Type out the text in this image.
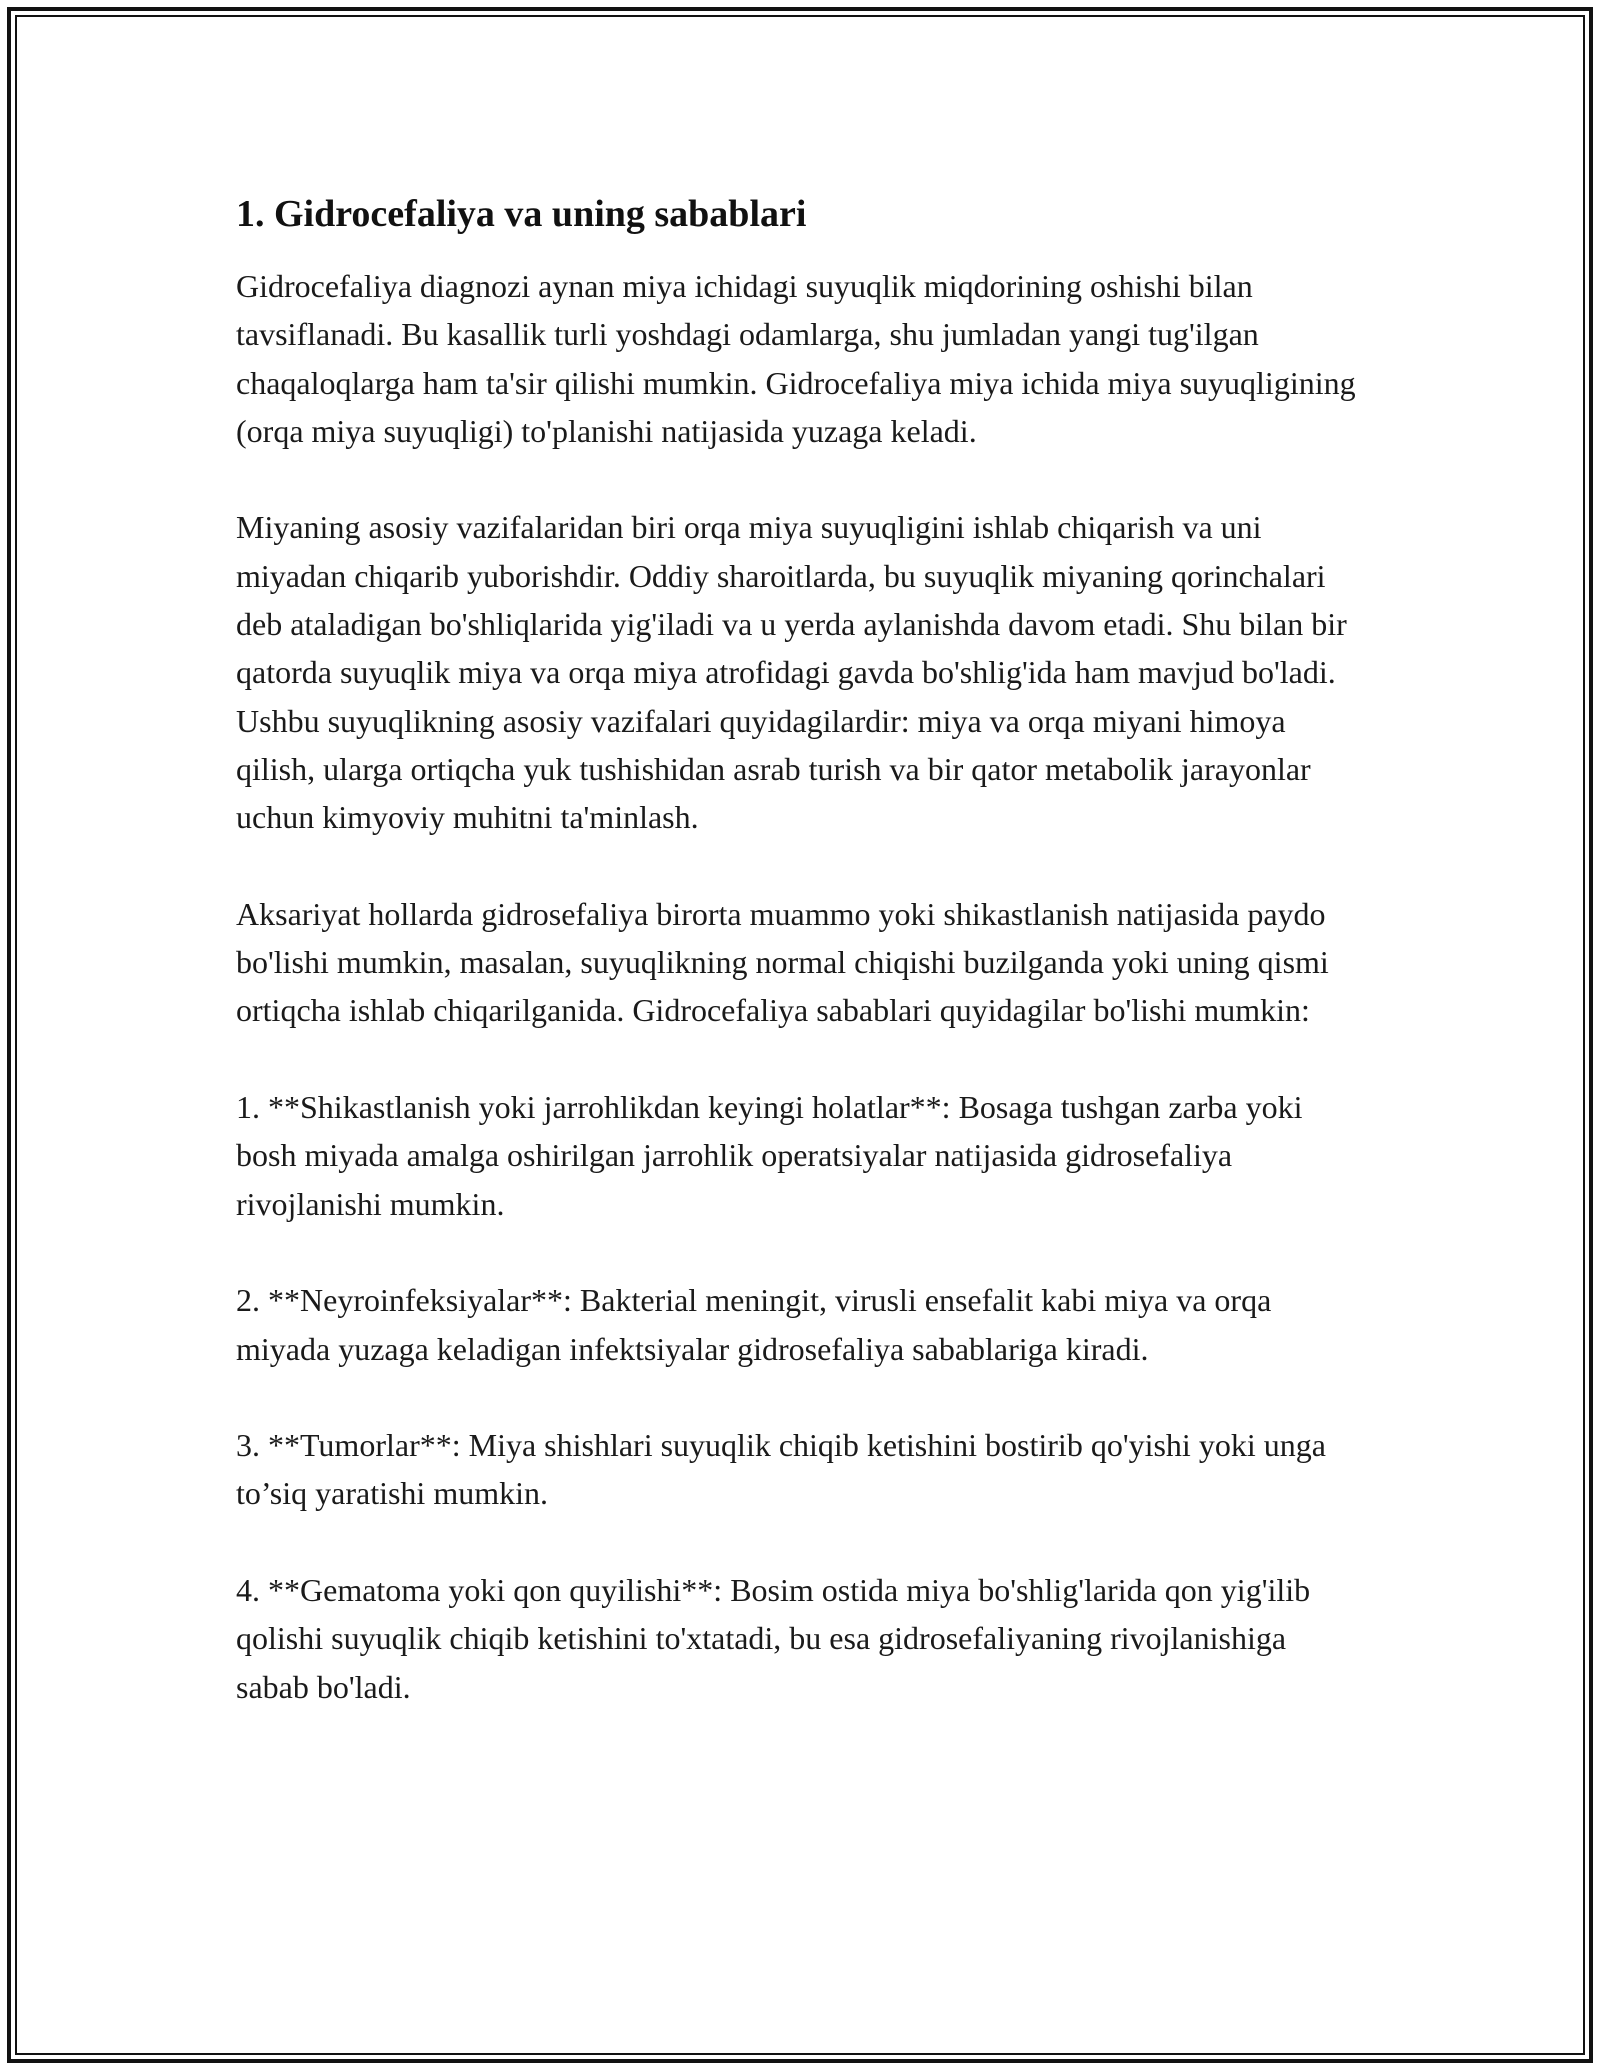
1. Gidrocefaliya va uning sabablari

Gidrocefaliya diagnozi aynan miya ichidagi suyuqlik miqdorining oshishi bilan tavsiflanadi. Bu kasallik turli yoshdagi odamlarga, shu jumladan yangi tug'ilgan chaqaloqlarga ham ta'sir qilishi mumkin. Gidrocefaliya miya ichida miya suyuqligining (orqa miya suyuqligi) to'planishi natijasida yuzaga keladi.

Miyaning asosiy vazifalaridan biri orqa miya suyuqligini ishlab chiqarish va uni miyadan chiqarib yuborishdir. Oddiy sharoitlarda, bu suyuqlik miyaning qorinchalari deb ataladigan bo'shliqlarida yig'iladi va u yerda aylanishda davom etadi. Shu bilan bir qatorda suyuqlik miya va orqa miya atrofidagi gavda bo'shlig'ida ham mavjud bo'ladi. Ushbu suyuqlikning asosiy vazifalari quyidagilardir: miya va orqa miyani himoya qilish, ularga ortiqcha yuk tushishidan asrab turish va bir qator metabolik jarayonlar uchun kimyoviy muhitni ta'minlash.

Aksariyat hollarda gidrosefaliya birorta muammo yoki shikastlanish natijasida paydo bo'lishi mumkin, masalan, suyuqlikning normal chiqishi buzilganda yoki uning qismi ortiqcha ishlab chiqarilganida. Gidrocefaliya sabablari quyidagilar bo'lishi mumkin:

1. **Shikastlanish yoki jarrohlikdan keyingi holatlar**: Bosaga tushgan zarba yoki bosh miyada amalga oshirilgan jarrohlik operatsiyalar natijasida gidrosefaliya rivojlanishi mumkin.

2. **Neyroinfeksiyalar**: Bakterial meningit, virusli ensefalit kabi miya va orqa miyada yuzaga keladigan infektsiyalar gidrosefaliya sabablariga kiradi.

3. **Tumorlar**: Miya shishlari suyuqlik chiqib ketishini bostirib qo'yishi yoki unga to’siq yaratishi mumkin.

4. **Gematoma yoki qon quyilishi**: Bosim ostida miya bo'shlig'larida qon yig'ilib qolishi suyuqlik chiqib ketishini to'xtatadi, bu esa gidrosefaliyaning rivojlanishiga sabab bo'ladi.
